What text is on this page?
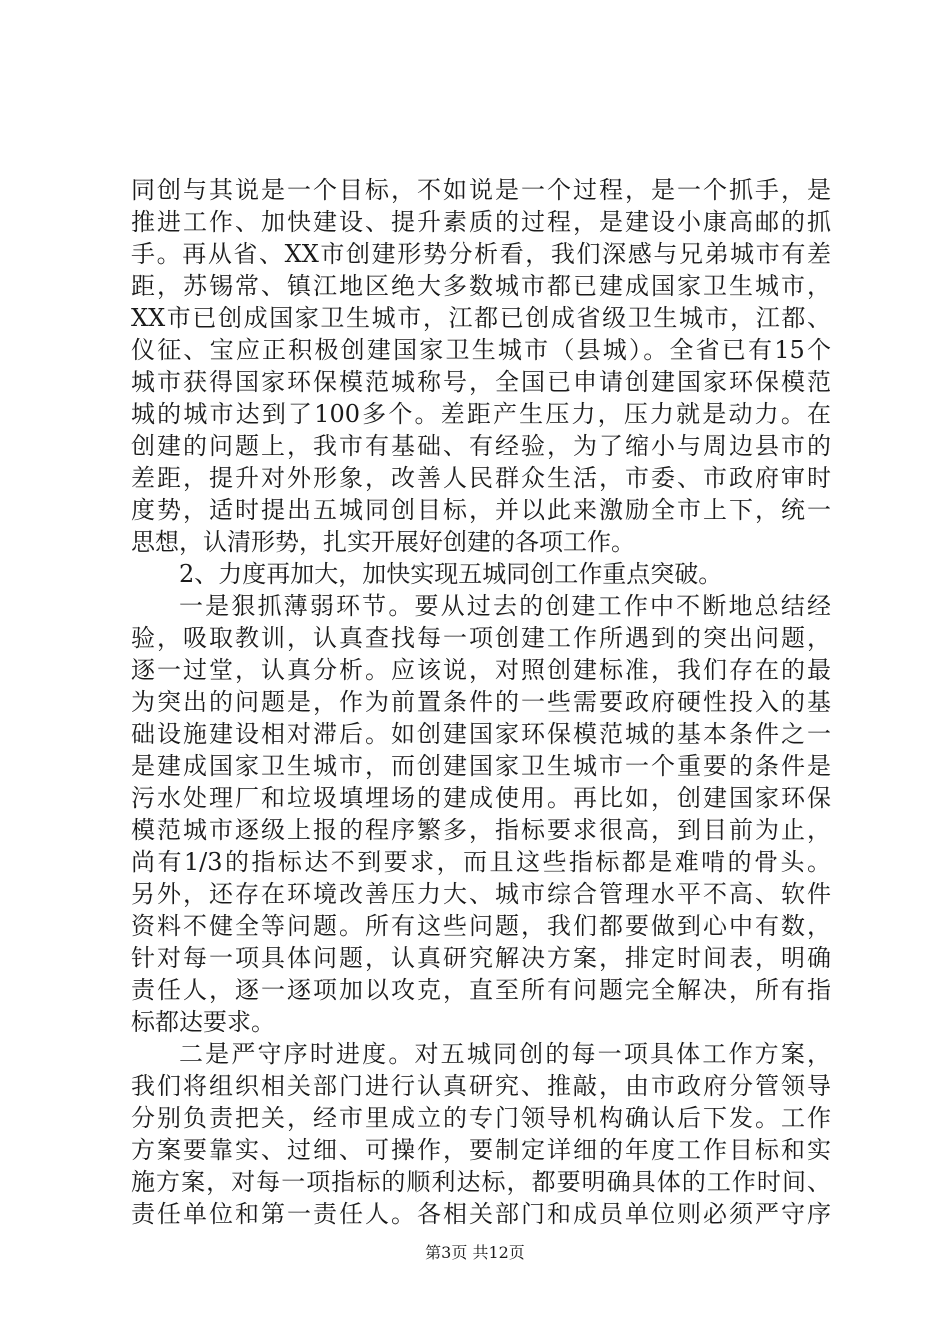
同创与其说是一个目标，不如说是一个过程，是一个抓手，是
推进工作、加快建设、提升素质的过程，是建设小康高邮的抓
手。再从省、XX市创建形势分析看，我们深感与兄弟城市有差
距，苏锡常、镇江地区绝大多数城市都已建成国家卫生城市，
XX市已创成国家卫生城市，江都已创成省级卫生城市，江都、
仪征、宝应正积极创建国家卫生城市（县城）。全省已有15个
城市获得国家环保模范城称号，全国已申请创建国家环保模范
城的城市达到了100多个。差距产生压力，压力就是动力。在
创建的问题上，我市有基础、有经验，为了缩小与周边县市的
差距，提升对外形象，改善人民群众生活，市委、市政府审时
度势，适时提出五城同创目标，并以此来激励全市上下，统一
思想，认清形势，扎实开展好创建的各项工作。
2、力度再加大，加快实现五城同创工作重点突破。
一是狠抓薄弱环节。要从过去的创建工作中不断地总结经
验，吸取教训，认真查找每一项创建工作所遇到的突出问题，
逐一过堂，认真分析。应该说，对照创建标准，我们存在的最
为突出的问题是，作为前置条件的一些需要政府硬性投入的基
础设施建设相对滞后。如创建国家环保模范城的基本条件之一
是建成国家卫生城市，而创建国家卫生城市一个重要的条件是
污水处理厂和垃圾填埋场的建成使用。再比如，创建国家环保
模范城市逐级上报的程序繁多，指标要求很高，到目前为止，
尚有1/3的指标达不到要求，而且这些指标都是难啃的骨头。
另外，还存在环境改善压力大、城市综合管理水平不高、软件
资料不健全等问题。所有这些问题，我们都要做到心中有数，
针对每一项具体问题，认真研究解决方案，排定时间表，明确
责任人，逐一逐项加以攻克，直至所有问题完全解决，所有指
标都达要求。
二是严守序时进度。对五城同创的每一项具体工作方案，
我们将组织相关部门进行认真研究、推敲，由市政府分管领导
分别负责把关，经市里成立的专门领导机构确认后下发。工作
方案要靠实、过细、可操作，要制定详细的年度工作目标和实
施方案，对每一项指标的顺利达标，都要明确具体的工作时间、
责任单位和第一责任人。各相关部门和成员单位则必须严守序
第3页 共12页
